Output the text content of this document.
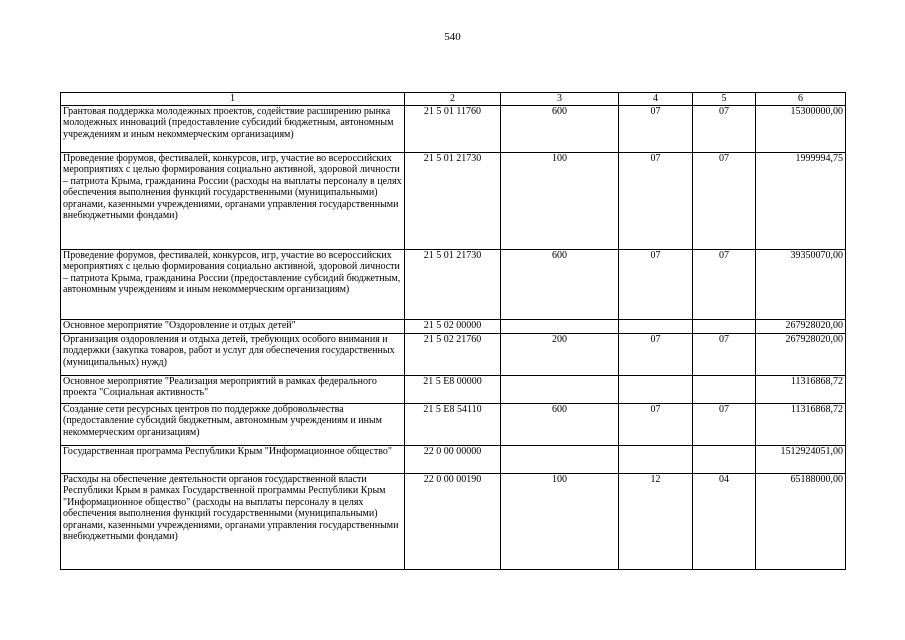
540
1	2	3	4	5	6
Грантовая поддержка молодежных проектов, содействие расширению рынка молодежных инноваций (предоставление субсидий бюджетным, автономным учреждениям и иным некоммерческим организациям)	21 5 01 11760	600	07	07	15300000,00
Проведение форумов, фестивалей, конкурсов, игр, участие во всероссийских мероприятиях с целью формирования социально активной, здоровой личности – патриота Крыма, гражданина России (расходы на выплаты персоналу в целях обеспечения выполнения функций государственными (муниципальными) органами, казенными учреждениями, органами управления государственными внебюджетными фондами)	21 5 01 21730	100	07	07	1999994,75
Проведение форумов, фестивалей, конкурсов, игр, участие во всероссийских мероприятиях с целью формирования социально активной, здоровой личности – патриота Крыма, гражданина России (предоставление субсидий бюджетным, автономным учреждениям и иным некоммерческим организациям)	21 5 01 21730	600	07	07	39350070,00
Основное мероприятие "Оздоровление и отдых детей"	21 5 02 00000				267928020,00
Организация оздоровления и отдыха детей, требующих особого внимания и поддержки (закупка товаров, работ и услуг для обеспечения государственных (муниципальных) нужд)	21 5 02 21760	200	07	07	267928020,00
Основное мероприятие "Реализация мероприятий в рамках федерального проекта "Социальная активность"	21 5 E8 00000				11316868,72
Создание сети ресурсных центров по поддержке добровольчества (предоставление субсидий бюджетным, автономным учреждениям и иным некоммерческим организациям)	21 5 E8 54110	600	07	07	11316868,72
Государственная программа Республики Крым "Информационное общество"	22 0 00 00000				1512924051,00
Расходы на обеспечение деятельности органов государственной власти Республики Крым в рамках Государственной программы Республики Крым "Информационное общество" (расходы на выплаты персоналу в целях обеспечения выполнения функций государственными (муниципальными) органами, казенными учреждениями, органами управления государственными внебюджетными фондами)	22 0 00 00190	100	12	04	65188000,00
